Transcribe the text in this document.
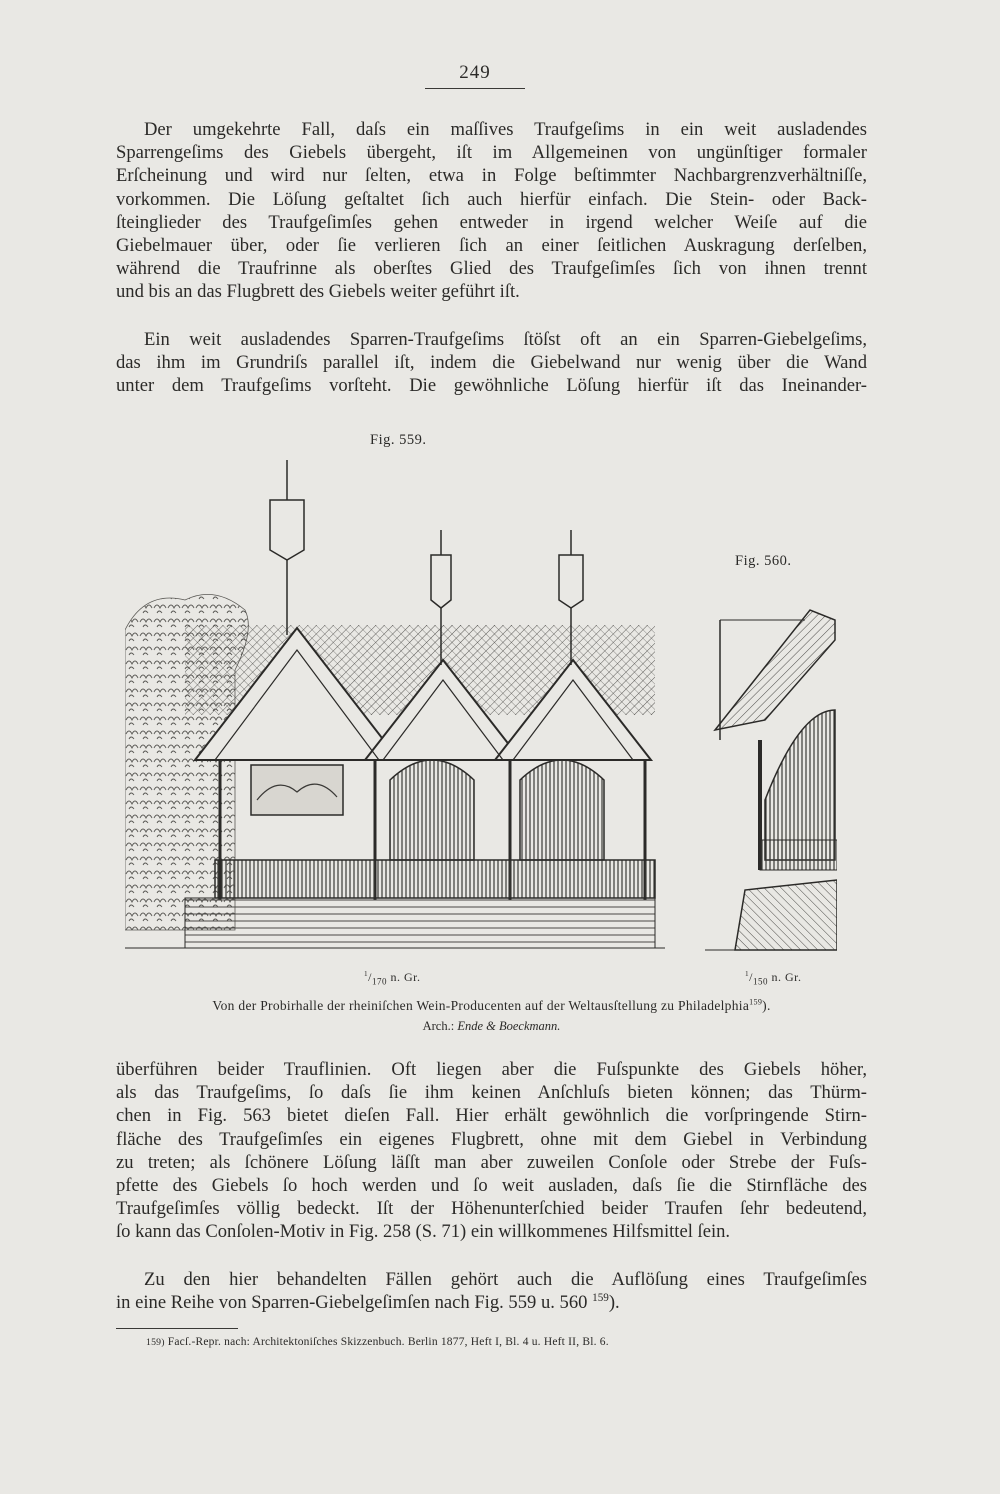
249
Der umgekehrte Fall, daſs ein maſſives Traufgeſims in ein weit ausladendes
Sparrengeſims des Giebels übergeht, iſt im Allgemeinen von ungünſtiger formaler
Erſcheinung und wird nur ſelten, etwa in Folge beſtimmter Nachbargrenzverhältniſſe,
vorkommen. Die Löſung geſtaltet ſich auch hierfür einfach. Die Stein- oder Back-
ſteinglieder des Traufgeſimſes gehen entweder in irgend welcher Weiſe auf die
Giebelmauer über, oder ſie verlieren ſich an einer ſeitlichen Auskragung derſelben,
während die Traufrinne als oberſtes Glied des Traufgeſimſes ſich von ihnen trennt
und bis an das Flugbrett des Giebels weiter geführt iſt.
Ein weit ausladendes Sparren-Traufgeſims ſtöſst oft an ein Sparren-Giebelgeſims,
das ihm im Grundriſs parallel iſt, indem die Giebelwand nur wenig über die Wand
unter dem Traufgeſims vorſteht. Die gewöhnliche Löſung hierfür iſt das Ineinander-
Fig. 559.
Fig. 560.
$^1/_{170}$ n. Gr.	$^1/_{150}$ n. Gr.
Von der Probirhalle der rheiniſchen Wein-Producenten auf der Weltausſtellung zu Philadelphia$^{159}$).
Arch.: Ende & Boeckmann.
überführen beider Trauflinien. Oft liegen aber die Fuſspunkte des Giebels höher,
als das Traufgeſims, ſo daſs ſie ihm keinen Anſchluſs bieten können; das Thürm-
chen in Fig. 563 bietet dieſen Fall. Hier erhält gewöhnlich die vorſpringende Stirn-
fläche des Traufgeſimſes ein eigenes Flugbrett, ohne mit dem Giebel in Verbindung
zu treten; als ſchönere Löſung läſſt man aber zuweilen Conſole oder Strebe der Fuſs-
pfette des Giebels ſo hoch werden und ſo weit ausladen, daſs ſie die Stirnfläche des
Traufgeſimſes völlig bedeckt. Iſt der Höhenunterſchied beider Traufen ſehr bedeutend,
ſo kann das Conſolen-Motiv in Fig. 258 (S. 71) ein willkommenes Hilfsmittel ſein.
Zu den hier behandelten Fällen gehört auch die Auflöſung eines Traufgeſimſes
in eine Reihe von Sparren-Giebelgeſimſen nach Fig. 559 u. 560 $^{159}$).
159) Facſ.-Repr. nach: Architektoniſches Skizzenbuch. Berlin 1877, Heft I, Bl. 4 u. Heft II, Bl. 6.
